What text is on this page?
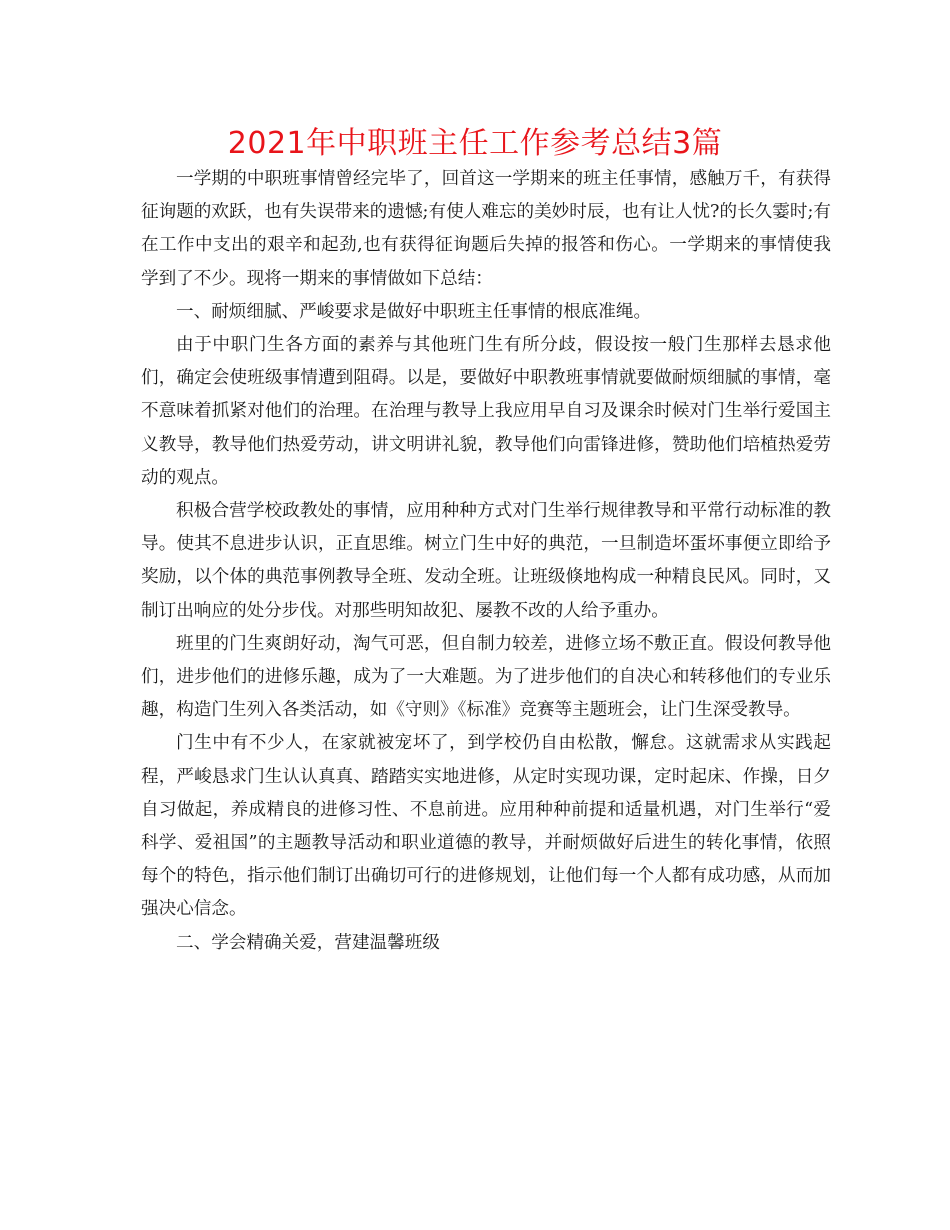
2021年中职班主任工作参考总结3篇

一学期的中职班事情曾经完毕了，回首这一学期来的班主任事情，感触万千，有获得征询题的欢跃，也有失误带来的遗憾;有使人难忘的美妙时辰，也有让人忧?的长久霎时;有在工作中支出的艰辛和起劲,也有获得征询题后失掉的报答和伤心。一学期来的事情使我学到了不少。现将一期来的事情做如下总结：

一、耐烦细腻、严峻要求是做好中职班主任事情的根底准绳。

由于中职门生各方面的素养与其他班门生有所分歧，假设按一般门生那样去恳求他们，确定会使班级事情遭到阻碍。以是，要做好中职教班事情就要做耐烦细腻的事情，毫不意味着抓紧对他们的治理。在治理与教导上我应用早自习及课余时候对门生举行爱国主义教导，教导他们热爱劳动，讲文明讲礼貌，教导他们向雷锋进修，赞助他们培植热爱劳动的观点。

积极合营学校政教处的事情，应用种种方式对门生举行规律教导和平常行动标准的教导。使其不息进步认识，正直思维。树立门生中好的典范，一旦制造坏蛋坏事便立即给予奖励，以个体的典范事例教导全班、发动全班。让班级倏地构成一种精良民风。同时，又制订出响应的处分步伐。对那些明知故犯、屡教不改的人给予重办。

班里的门生爽朗好动，淘气可恶，但自制力较差，进修立场不敷正直。假设何教导他们，进步他们的进修乐趣，成为了一大难题。为了进步他们的自决心和转移他们的专业乐趣，构造门生列入各类活动，如《守则》《标准》竞赛等主题班会，让门生深受教导。

门生中有不少人，在家就被宠坏了，到学校仍自由松散，懈怠。这就需求从实践起程，严峻恳求门生认认真真、踏踏实实地进修，从定时实现功课，定时起床、作操，日夕自习做起，养成精良的进修习性、不息前进。应用种种前提和适量机遇，对门生举行“爱科学、爱祖国”的主题教导活动和职业道德的教导，并耐烦做好后进生的转化事情，依照每个的特色，指示他们制订出确切可行的进修规划，让他们每一个人都有成功感，从而加强决心信念。

二、学会精确关爱，营建温馨班级
